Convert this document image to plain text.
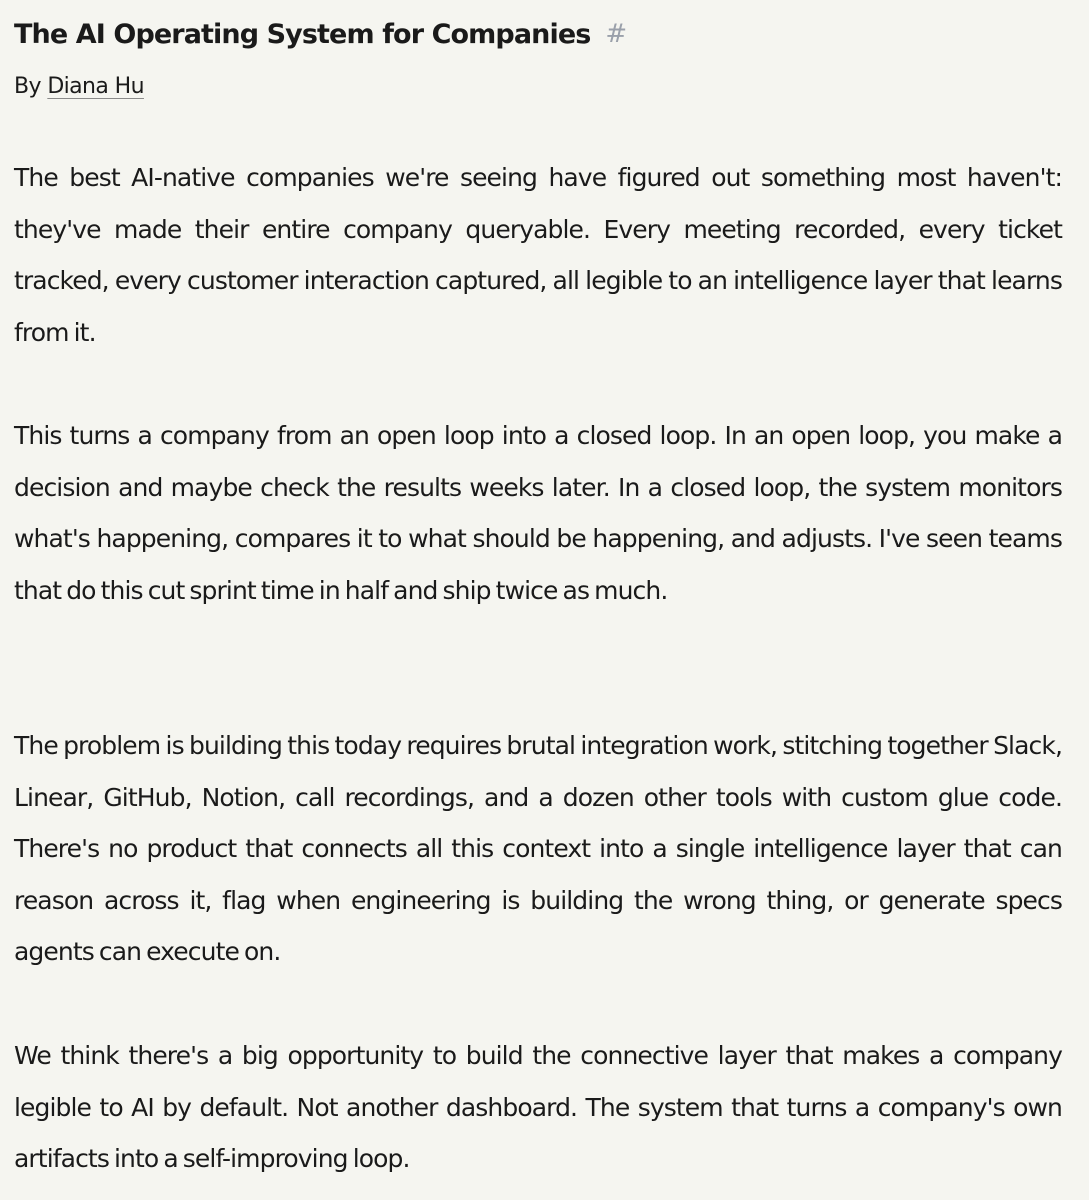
The AI Operating System for Companies #
By Diana Hu

The best AI-native companies we're seeing have figured out something most haven't: they've made their entire company queryable. Every meeting recorded, every ticket tracked, every customer interaction captured, all legible to an intelligence layer that learns from it.

This turns a company from an open loop into a closed loop. In an open loop, you make a decision and maybe check the results weeks later. In a closed loop, the system monitors what's happening, compares it to what should be happening, and adjusts. I've seen teams that do this cut sprint time in half and ship twice as much.

The problem is building this today requires brutal integration work, stitching together Slack, Linear, GitHub, Notion, call recordings, and a dozen other tools with custom glue code. There's no product that connects all this context into a single intelligence layer that can reason across it, flag when engineering is building the wrong thing, or generate specs agents can execute on.

We think there's a big opportunity to build the connective layer that makes a company legible to AI by default. Not another dashboard. The system that turns a company's own artifacts into a self-improving loop.
